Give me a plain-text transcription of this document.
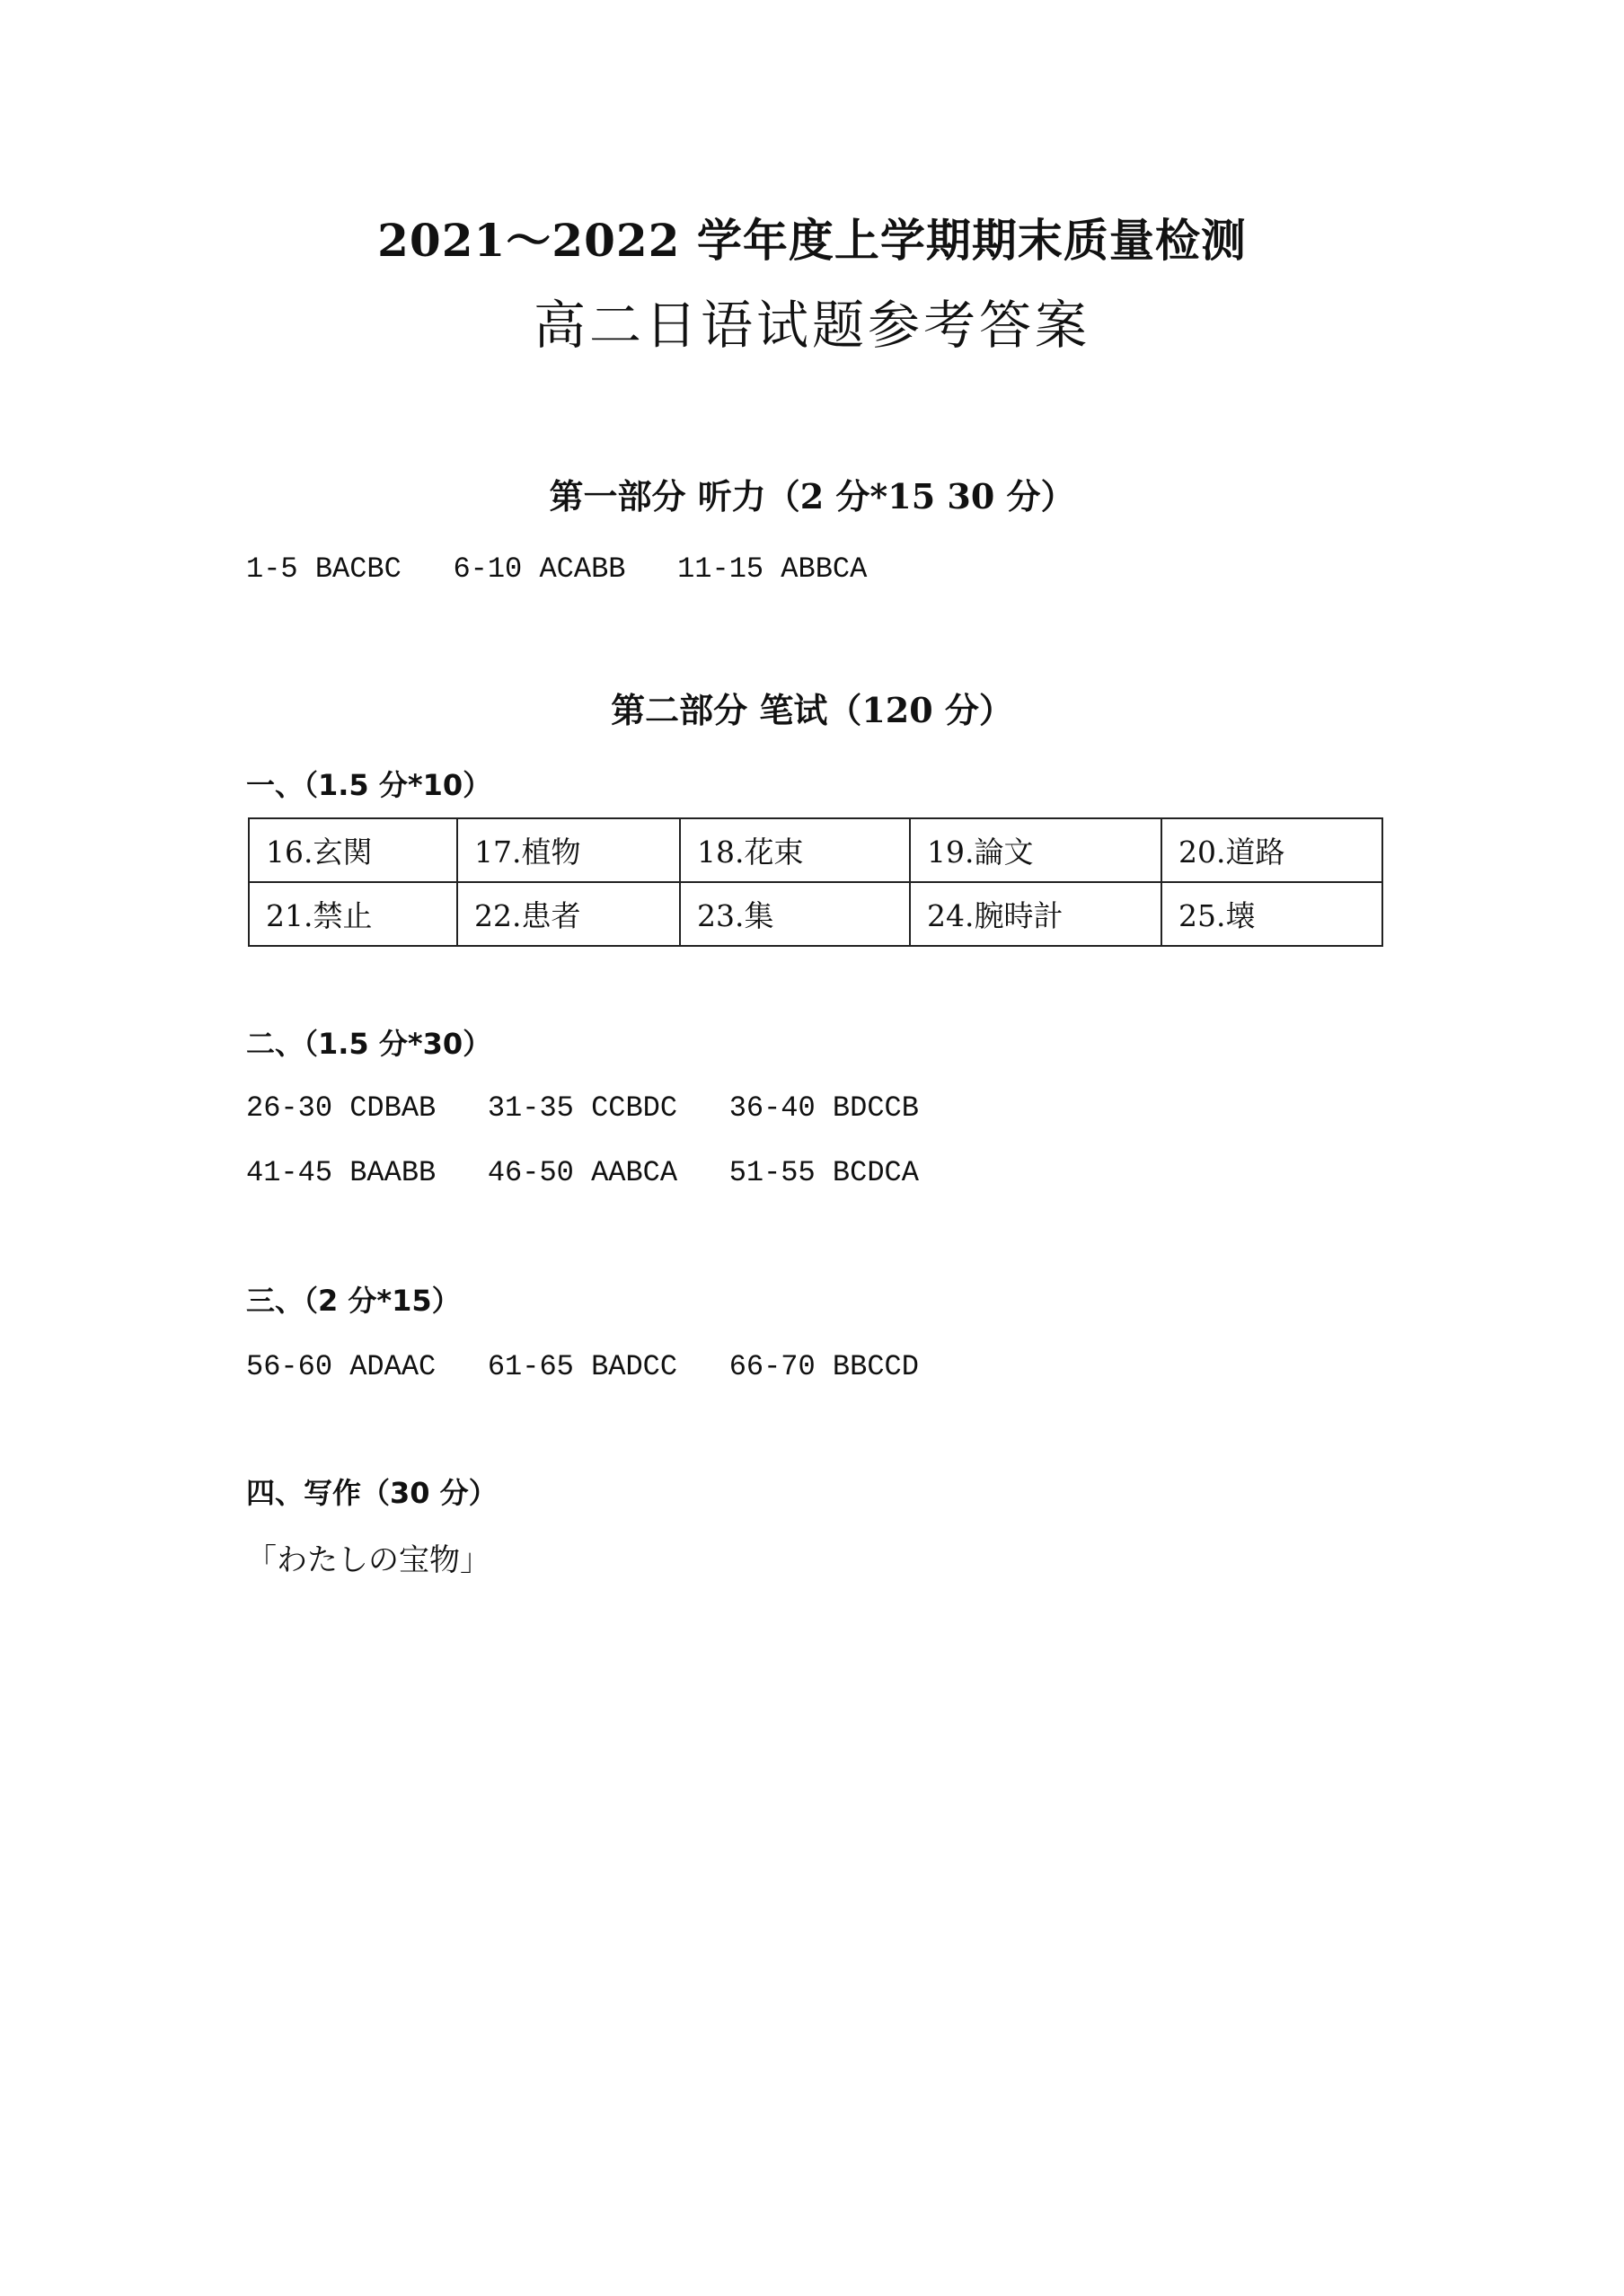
2021～2022 学年度上学期期末质量检测
高二日语试题参考答案
第一部分 听力（2 分*15 30 分）
1-5 BACBC   6-10 ACABB   11-15 ABBCA
第二部分 笔试（120 分）
一、（1.5 分*10）
16.玄関	17.植物	18.花束	19.論文	20.道路
21.禁止	22.患者	23.集	24.腕時計	25.壊
二、（1.5 分*30）
26-30 CDBAB   31-35 CCBDC   36-40 BDCCB
41-45 BAABB   46-50 AABCA   51-55 BCDCA
三、（2 分*15）
56-60 ADAAC   61-65 BADCC   66-70 BBCCD
四、写作（30 分）
「わたしの宝物」
